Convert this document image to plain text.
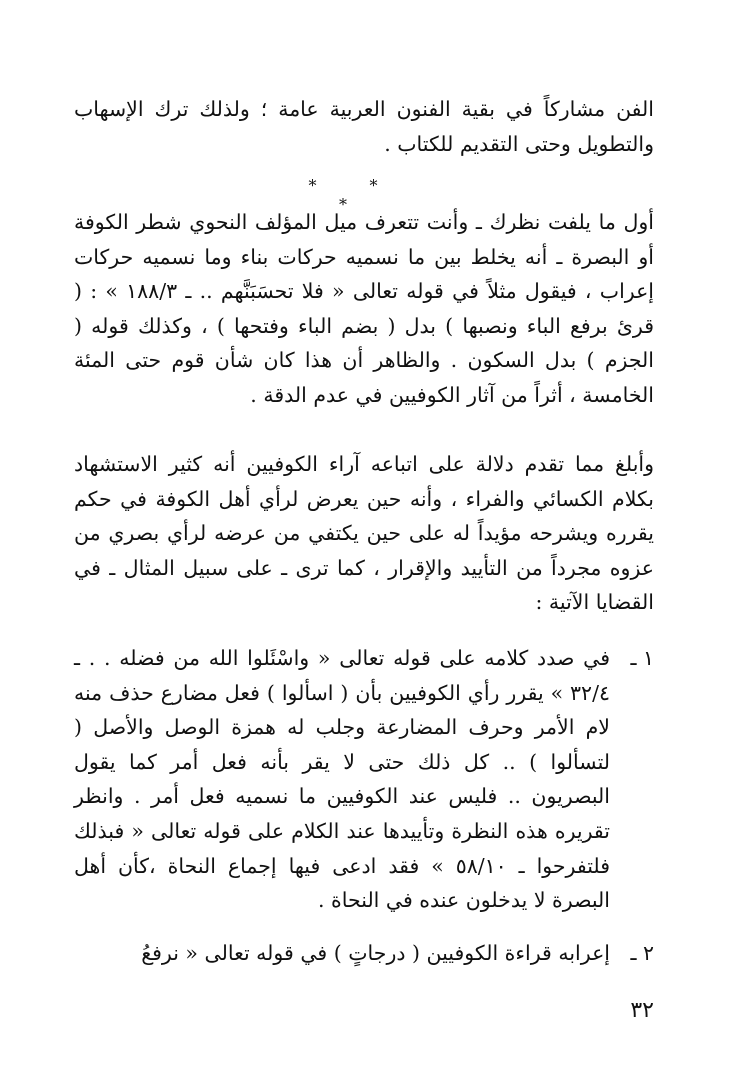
الفن مشاركاً في بقية الفنون العربية عامة ؛ ولذلك ترك الإسهاب والتطويل وحتى التقديم للكتاب .
* * *
أول ما يلفت نظرك ـ وأنت تتعرف ميل المؤلف النحوي شطر الكوفة أو البصرة ـ أنه يخلط بين ما نسميه حركات بناء وما نسميه حركات إعراب ، فيقول مثلاً في قوله تعالى « فلا تحسَبَنَّهم .. ـ ١٨٨/٣ » : ( قرئ برفع الباء ونصبها ) بدل ( بضم الباء وفتحها ) ، وكذلك قوله ( الجزم ) بدل السكون . والظاهر أن هذا كان شأن قوم حتى المئة الخامسة ، أثراً من آثار الكوفيين في عدم الدقة .
وأبلغ مما تقدم دلالة على اتباعه آراء الكوفيين أنه كثير الاستشهاد بكلام الكسائي والفراء ، وأنه حين يعرض لرأي أهل الكوفة في حكم يقرره ويشرحه مؤيداً له على حين يكتفي من عرضه لرأي بصري من عزوه مجرداً من التأييد والإقرار ، كما ترى ـ على سبيل المثال ـ في القضايا الآتية :
١ ـ
في صدد كلامه على قوله تعالى « واسْئَلوا الله من فضله . . ـ ٣٢/٤ » يقرر رأي الكوفيين بأن ( اسألوا ) فعل مضارع حذف منه لام الأمر وحرف المضارعة وجلب له همزة الوصل والأصل ( لتسألوا ) .. كل ذلك حتى لا يقر بأنه فعل أمر كما يقول البصريون .. فليس عند الكوفيين ما نسميه فعل أمر . وانظر تقريره هذه النظرة وتأييدها عند الكلام على قوله تعالى « فبذلك فلتفرحوا ـ ٥٨/١٠ » فقد ادعى فيها إجماع النحاة ،كأن أهل البصرة لا يدخلون عنده في النحاة .
٢ ـ
إعرابه قراءة الكوفيين ( درجاتٍ ) في قوله تعالى « نرفعُ
٣٢
